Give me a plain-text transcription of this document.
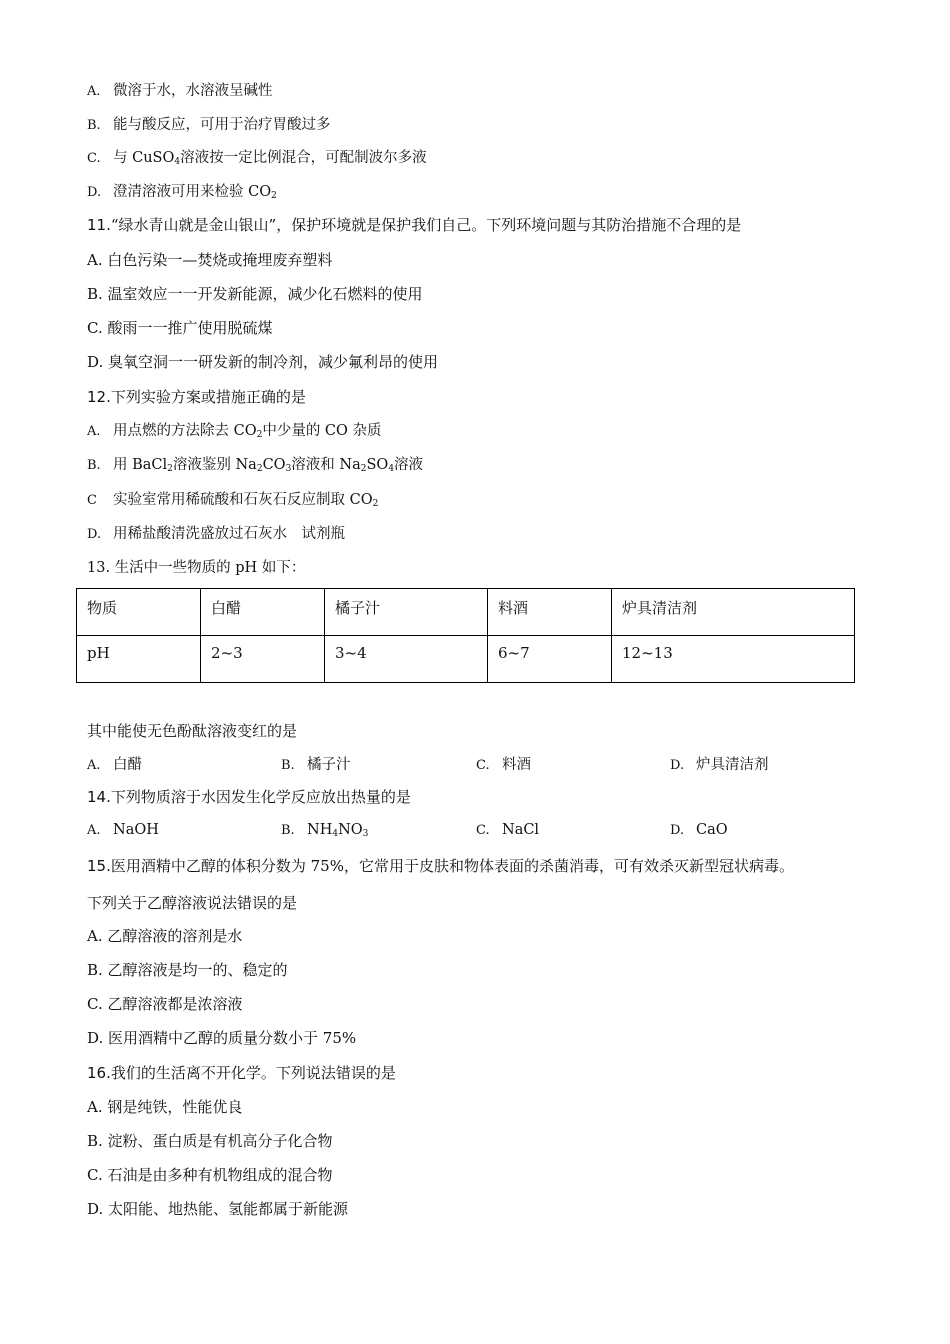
A. 微溶于水，水溶液呈碱性
B. 能与酸反应，可用于治疗胃酸过多
C. 与 CuSO$_4$溶液按一定比例混合，可配制波尔多液
D. 澄清溶液可用来检验 $CO_2$
11.“绿水青山就是金山银山”，保护环境就是保护我们自己。下列环境问题与其防治措施不合理的是
A. 白色污染一—焚烧或掩埋废弃塑料
B. 温室效应一一开发新能源，减少化石燃料的使用
C. 酸雨一一推广使用脱硫煤
D. 臭氧空洞一一研发新的制冷剂，减少氟利昂的使用
12.下列实验方案或措施正确的是
A. 用点燃的方法除去 $CO_2$中少量的 CO 杂质
B. 用 BaCl$_2$溶液鉴别 $Na_2CO_3$溶液和 $Na_2SO_4$溶液
C 实验室常用稀硫酸和石灰石反应制取 $CO_2$
D. 用稀盐酸清洗盛放过石灰水　试剂瓶
13. 生活中一些物质的 pH 如下：
物质	白醋	橘子汁	料酒	炉具清洁剂
pH	2~3	3~4	6~7	12~13
其中能使无色酚酞溶液变红的是
A. 白醋	B. 橘子汁	C. 料酒	D. 炉具清洁剂
14.下列物质溶于水因发生化学反应放出热量的是
A. NaOH	B. $NH_4NO_3$	C. NaCl	D. CaO
15.医用酒精中乙醇的体积分数为 75%，它常用于皮肤和物体表面的杀菌消毒，可有效杀灭新型冠状病毒。
下列关于乙醇溶液说法错误的是
A. 乙醇溶液的溶剂是水
B. 乙醇溶液是均一的、稳定的
C. 乙醇溶液都是浓溶液
D. 医用酒精中乙醇的质量分数小于 75%
16.我们的生活离不开化学。下列说法错误的是
A. 钢是纯铁，性能优良
B. 淀粉、蛋白质是有机高分子化合物
C. 石油是由多种有机物组成的混合物
D. 太阳能、地热能、氢能都属于新能源
